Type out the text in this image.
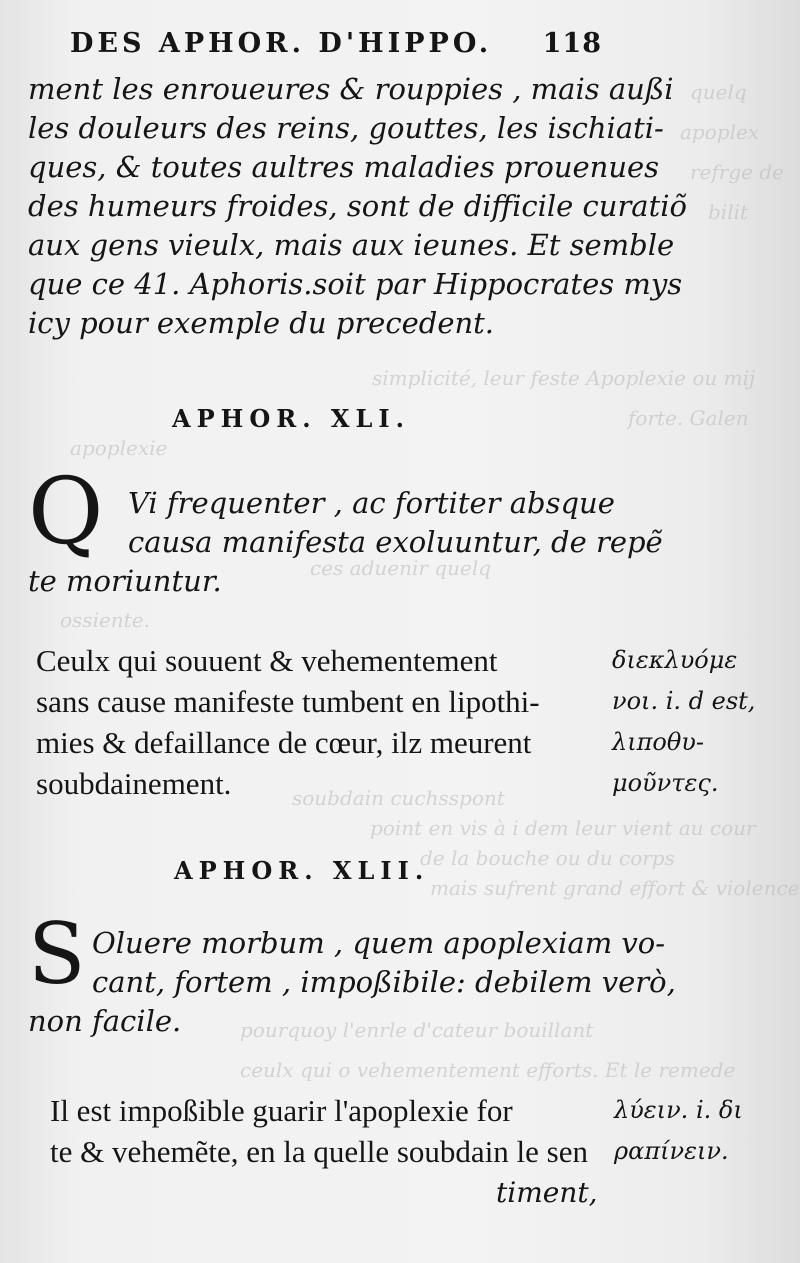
quelq
apoplex
refrge de
bilit
simplicité, leur feste Apoplexie ou mij
forte. Galen
apoplexie
ces aduenir quelq
ossiente.
soubdain cuchsspont
point en vis à i dem leur vient au cour
de la bouche ou du corps
mais sufrent grand effort & violence
pourquoy l'enrle d'cateur bouillant
ceulx qui o vehementement efforts. Et le remede
DES APHOR. D'HIPPO. 118
ment les enroueures & rouppies , mais außi
les douleurs des reins, gouttes, les ischiati-
ques, & toutes aultres maladies prouenues
des humeurs froides, sont de difficile curatiõ
aux gens vieulx, mais aux ieunes. Et semble
que ce 41. Aphoris.soit par Hippocrates mys
icy pour exemple du precedent.
APHOR. XLI.
Q Vi frequenter , ac fortiter absque
causa manifesta exoluuntur, de repẽ
te moriuntur.
Ceulx qui souuent & vehementement
sans cause manifeste tumbent en lipothi-
mies & defaillance de cœur, ilz meurent
soubdainement.
διεκλυόμε
νοι. i. d est,
λιποθυ-
μοῦντες.
APHOR. XLII.
S Oluere morbum , quem apoplexiam vo-
cant, fortem , impoßibile: debilem verò,
non facile.
Il est impoßible guarir l'apoplexie for
te & vehemẽte, en la quelle soubdain le sen
λύειν. i. δι
ραπίνειν.
timent,
